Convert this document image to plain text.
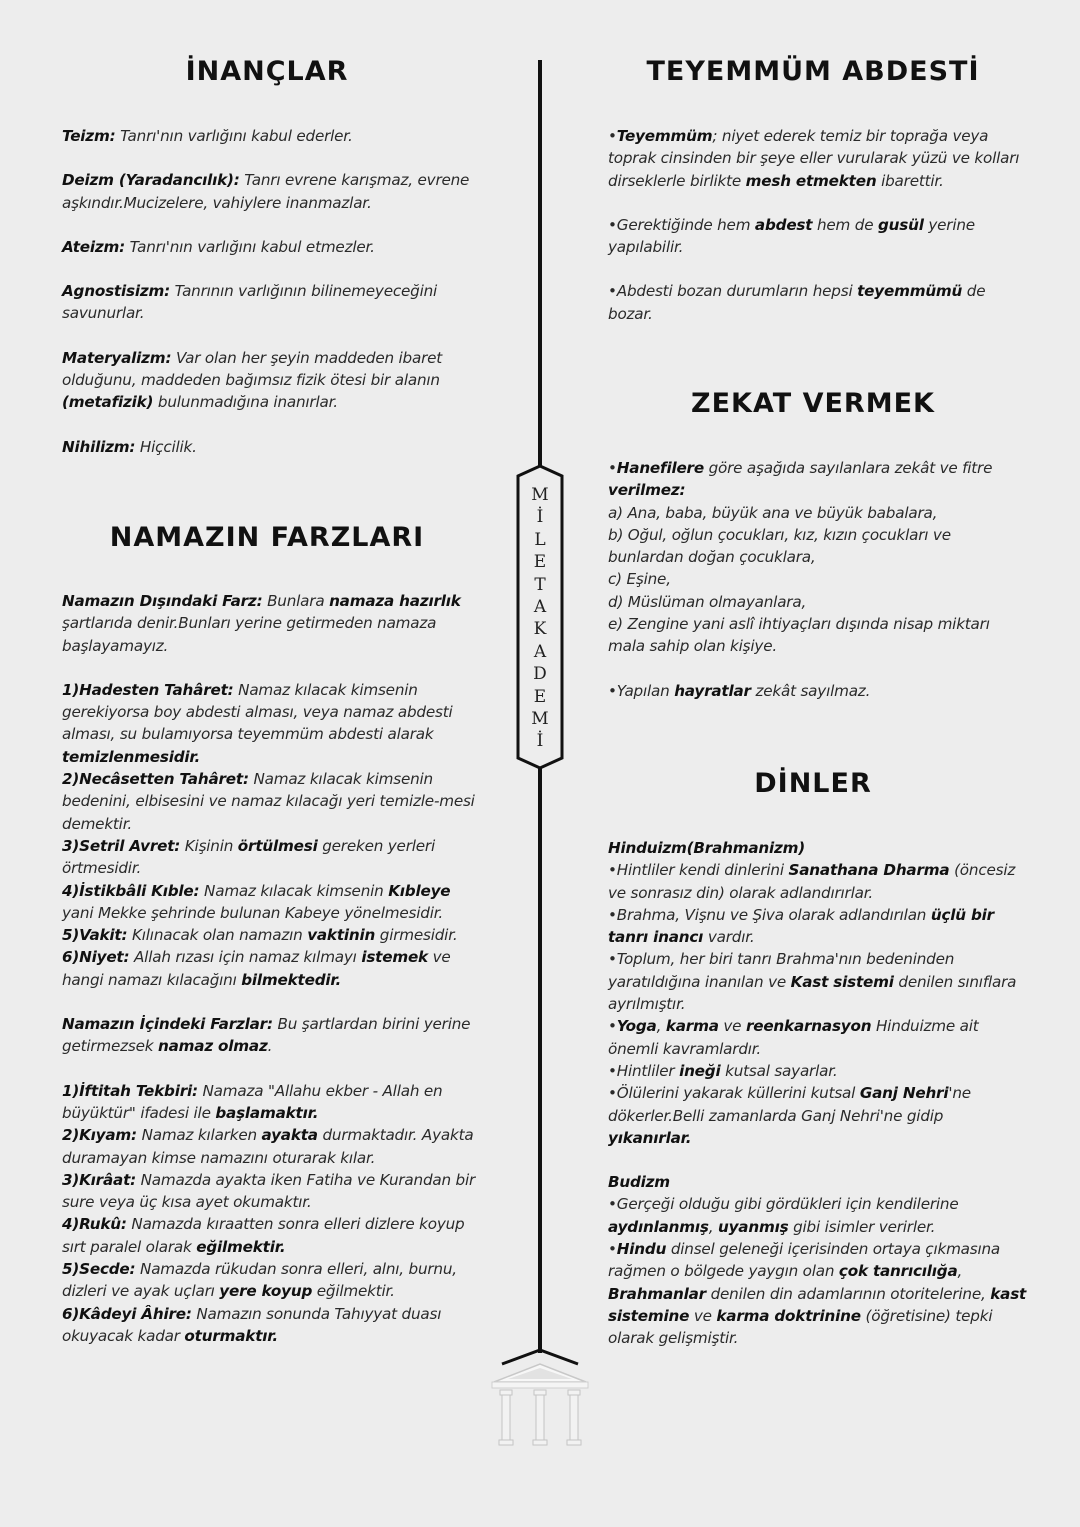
İNANÇLAR

Teizm: Tanrı'nın varlığını kabul ederler.

Deizm (Yaradancılık): Tanrı evrene karışmaz, evrene aşkındır.Mucizelere, vahiylere inanmazlar.

Ateizm: Tanrı'nın varlığını kabul etmezler.

Agnostisizm: Tanrının varlığının bilinemeyeceğini savunurlar.

Materyalizm: Var olan her şeyin maddeden ibaret olduğunu, maddeden bağımsız fizik ötesi bir alanın (metafizik) bulunmadığına inanırlar.

Nihilizm: Hiçcilik.

NAMAZIN FARZLARI

Namazın Dışındaki Farz: Bunlara namaza hazırlık şartlarıda denir.Bunları yerine getirmeden namaza başlayamayız.

1)Hadesten Tahâret: Namaz kılacak kimsenin gerekiyorsa boy abdesti alması, veya namaz abdesti alması, su bulamıyorsa teyemmüm abdesti alarak temizlenmesidir.

2)Necâsetten Tahâret: Namaz kılacak kimsenin bedenini, elbisesini ve namaz kılacağı yeri temizle-mesi demektir.

3)Setril Avret: Kişinin örtülmesi gereken yerleri örtmesidir.

4)İstikbâli Kıble: Namaz kılacak kimsenin Kıbleye yani Mekke şehrinde bulunan Kabeye yönelmesidir.

5)Vakit: Kılınacak olan namazın vaktinin girmesidir.

6)Niyet: Allah rızası için namaz kılmayı istemek ve hangi namazı kılacağını bilmektedir.

Namazın İçindeki Farzlar: Bu şartlardan birini yerine getirmezsek namaz olmaz.

1)İftitah Tekbiri: Namaza "Allahu ekber - Allah en büyüktür" ifadesi ile başlamaktır.

2)Kıyam: Namaz kılarken ayakta durmaktadır. Ayakta duramayan kimse namazını oturarak kılar.

3)Kırâat: Namazda ayakta iken Fatiha ve Kurandan bir sure veya üç kısa ayet okumaktır.

4)Rukû: Namazda kıraatten sonra elleri dizlere koyup sırt paralel olarak eğilmektir.

5)Secde: Namazda rükudan sonra elleri, alnı, burnu, dizleri ve ayak uçları yere koyup eğilmektir.

6)Kâdeyi Âhire: Namazın sonunda Tahıyyat duası okuyacak kadar oturmaktır.

M
İ
L
E
T
A
K
A
D
E
M
İ
TEYEMMÜM ABDESTİ

•Teyemmüm; niyet ederek temiz bir toprağa veya toprak cinsinden bir şeye eller vurularak yüzü ve kolları dirseklerle birlikte mesh etmekten ibarettir.

•Gerektiğinde hem abdest hem de gusül yerine yapılabilir.

•Abdesti bozan durumların hepsi teyemmümü de bozar.

ZEKAT VERMEK

•Hanefilere göre aşağıda sayılanlara zekât ve fitre verilmez:

a) Ana, baba, büyük ana ve büyük babalara,

b) Oğul, oğlun çocukları, kız, kızın çocukları ve bunlardan doğan çocuklara,

c) Eşine,

d) Müslüman olmayanlara,

e) Zengine yani aslî ihtiyaçları dışında nisap miktarı mala sahip olan kişiye.

•Yapılan hayratlar zekât sayılmaz.

DİNLER

Hinduizm(Brahmanizm)

•Hintliler kendi dinlerini Sanathana Dharma (öncesiz ve sonrasız din) olarak adlandırırlar.

•Brahma, Vişnu ve Şiva olarak adlandırılan üçlü bir tanrı inancı vardır.

•Toplum, her biri tanrı Brahma'nın bedeninden yaratıldığına inanılan ve Kast sistemi denilen sınıflara ayrılmıştır.

•Yoga, karma ve reenkarnasyon Hinduizme ait önemli kavramlardır.

•Hintliler ineği kutsal sayarlar.

•Ölülerini yakarak küllerini kutsal Ganj Nehri'ne dökerler.Belli zamanlarda Ganj Nehri'ne gidip yıkanırlar.

Budizm

•Gerçeği olduğu gibi gördükleri için kendilerine aydınlanmış, uyanmış gibi isimler verirler.

•Hindu dinsel geleneği içerisinden ortaya çıkmasına rağmen o bölgede yaygın olan çok tanrıcılığa, Brahmanlar denilen din adamlarının otoritelerine, kast sistemine ve karma doktrinine (öğretisine) tepki olarak gelişmiştir.
